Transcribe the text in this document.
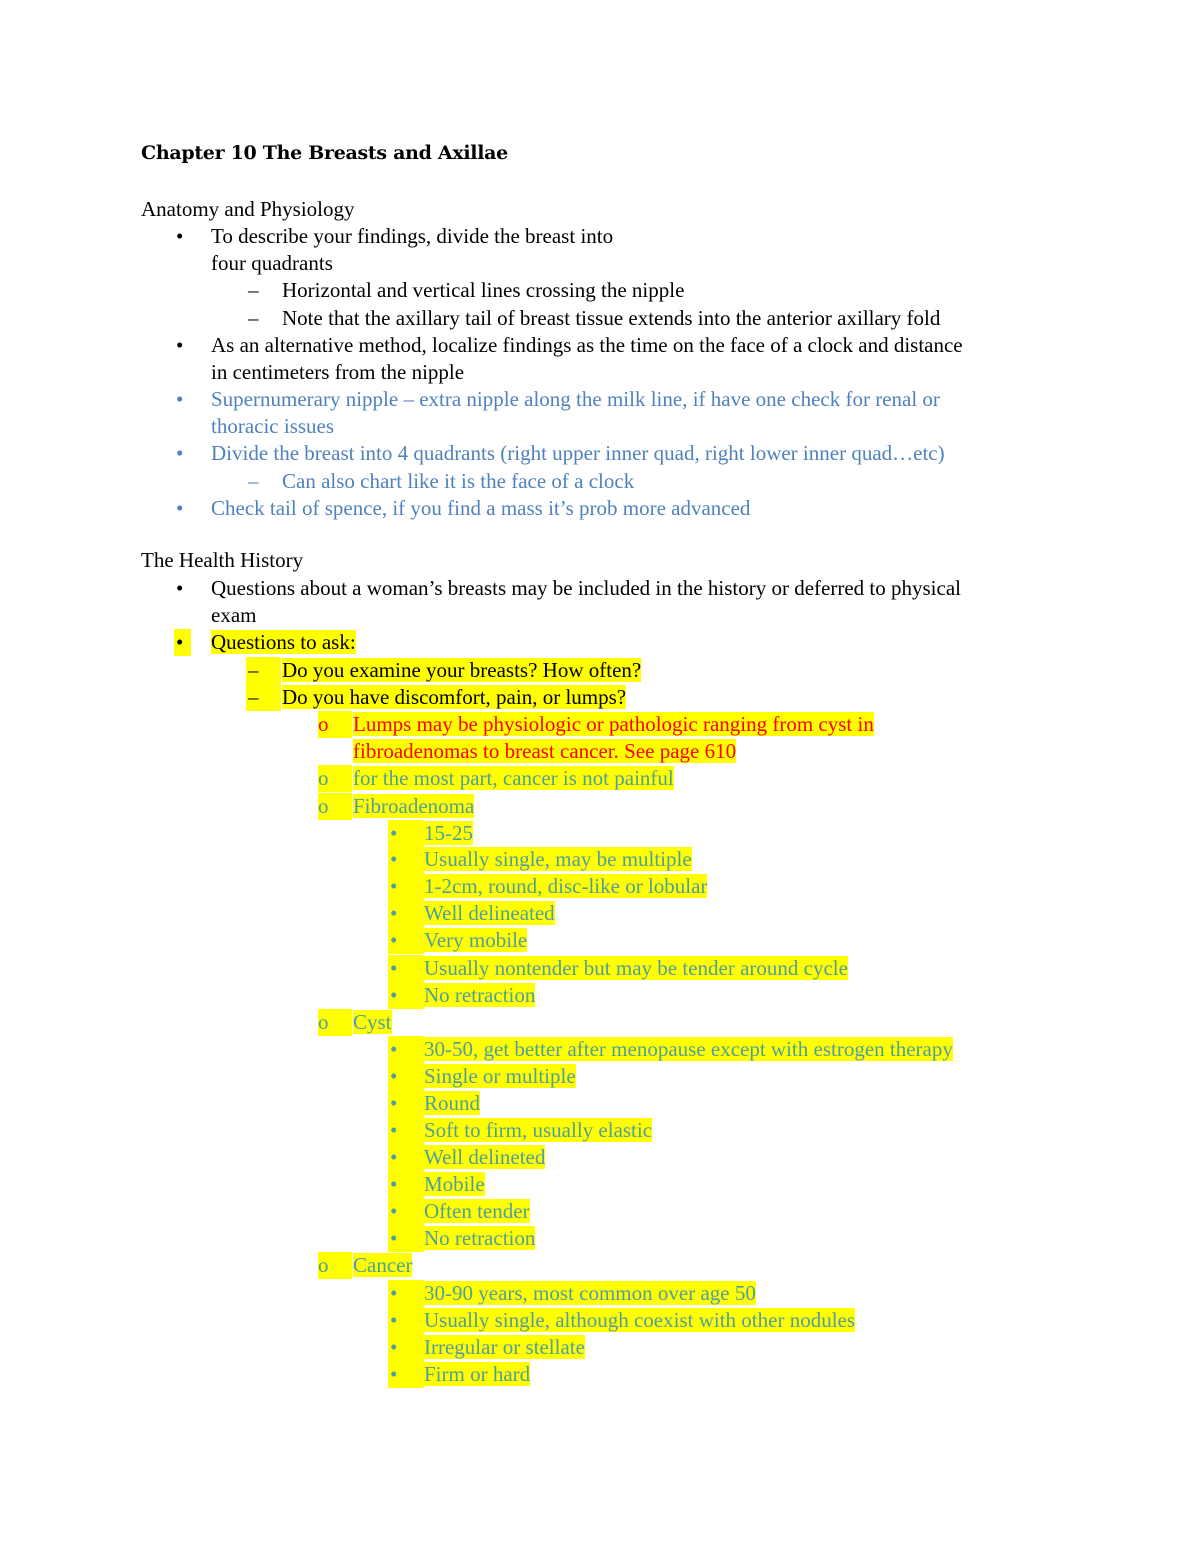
Chapter 10 The Breasts and Axillae
Anatomy and Physiology
• To describe your findings, divide the breast into
four quadrants
– Horizontal and vertical lines crossing the nipple
– Note that the axillary tail of breast tissue extends into the anterior axillary fold
• As an alternative method, localize findings as the time on the face of a clock and distance
in centimeters from the nipple
• Supernumerary nipple – extra nipple along the milk line, if have one check for renal or
thoracic issues
• Divide the breast into 4 quadrants (right upper inner quad, right lower inner quad…etc)
– Can also chart like it is the face of a clock
• Check tail of spence, if you find a mass it’s prob more advanced
The Health History
• Questions about a woman’s breasts may be included in the history or deferred to physical
exam
•	Questions to ask:
–	Do you examine your breasts? How often?
–	Do you have discomfort, pain, or lumps?
o	Lumps may be physiologic or pathologic ranging from cyst in
fibroadenomas to breast cancer. See page 610
o	for the most part, cancer is not painful
o	Fibroadenoma
•	15-25
•	Usually single, may be multiple
•	1-2cm, round, disc-like or lobular
•	Well delineated
•	Very mobile
•	Usually nontender but may be tender around cycle
•	No retraction
o	Cyst
•	30-50, get better after menopause except with estrogen therapy
•	Single or multiple
•	Round
•	Soft to firm, usually elastic
•	Well delineted
•	Mobile
•	Often tender
•	No retraction
o	Cancer
•	30-90 years, most common over age 50
•	Usually single, although coexist with other nodules
•	Irregular or stellate
•	Firm or hard
